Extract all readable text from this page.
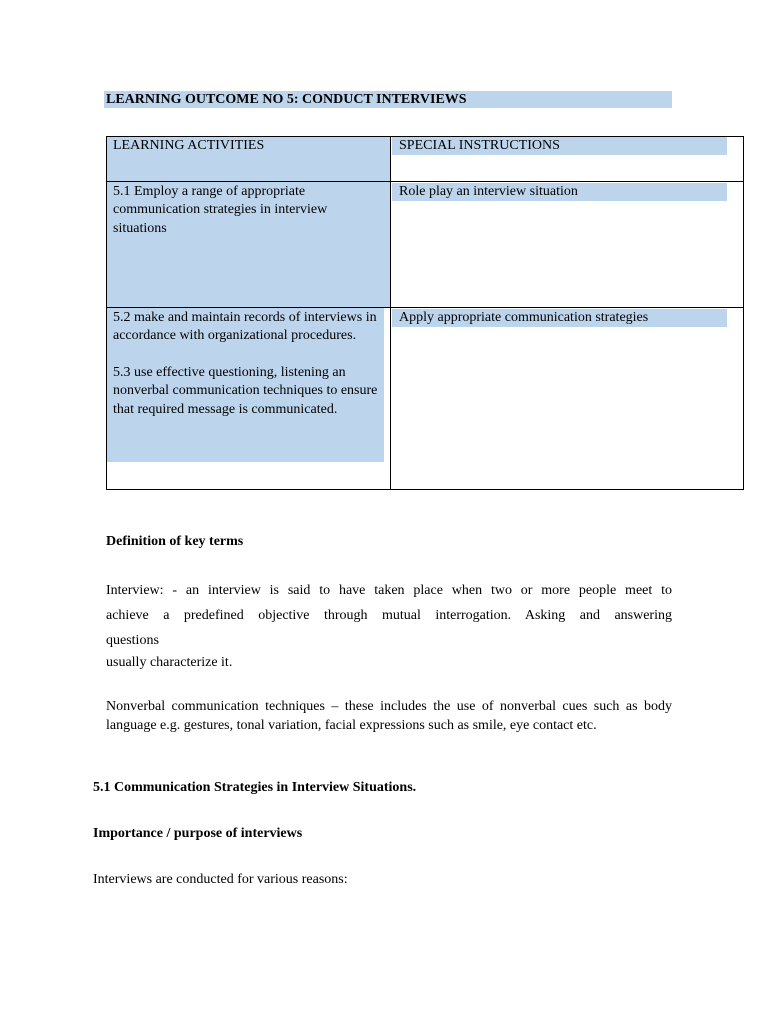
LEARNING OUTCOME NO 5: CONDUCT INTERVIEWS
LEARNING ACTIVITIES	SPECIAL INSTRUCTIONS

5.1 Employ a range of appropriate communication strategies in interview situations	Role play an interview situation

5.2 make and maintain records of interviews in accordance with organizational procedures.
5.3 use effective questioning, listening an nonverbal communication techniques to ensure that required message is communicated.	Apply appropriate communication strategies
Definition of key terms
Interview: - an interview is said to have taken place when two or more people meet to
achieve a predefined objective through mutual interrogation. Asking and answering
questions
usually characterize it.
Nonverbal communication techniques – these includes the use of nonverbal cues such as body language e.g. gestures, tonal variation, facial expressions such as smile, eye contact etc.
5.1 Communication Strategies in Interview Situations.
Importance / purpose of interviews
Interviews are conducted for various reasons:
